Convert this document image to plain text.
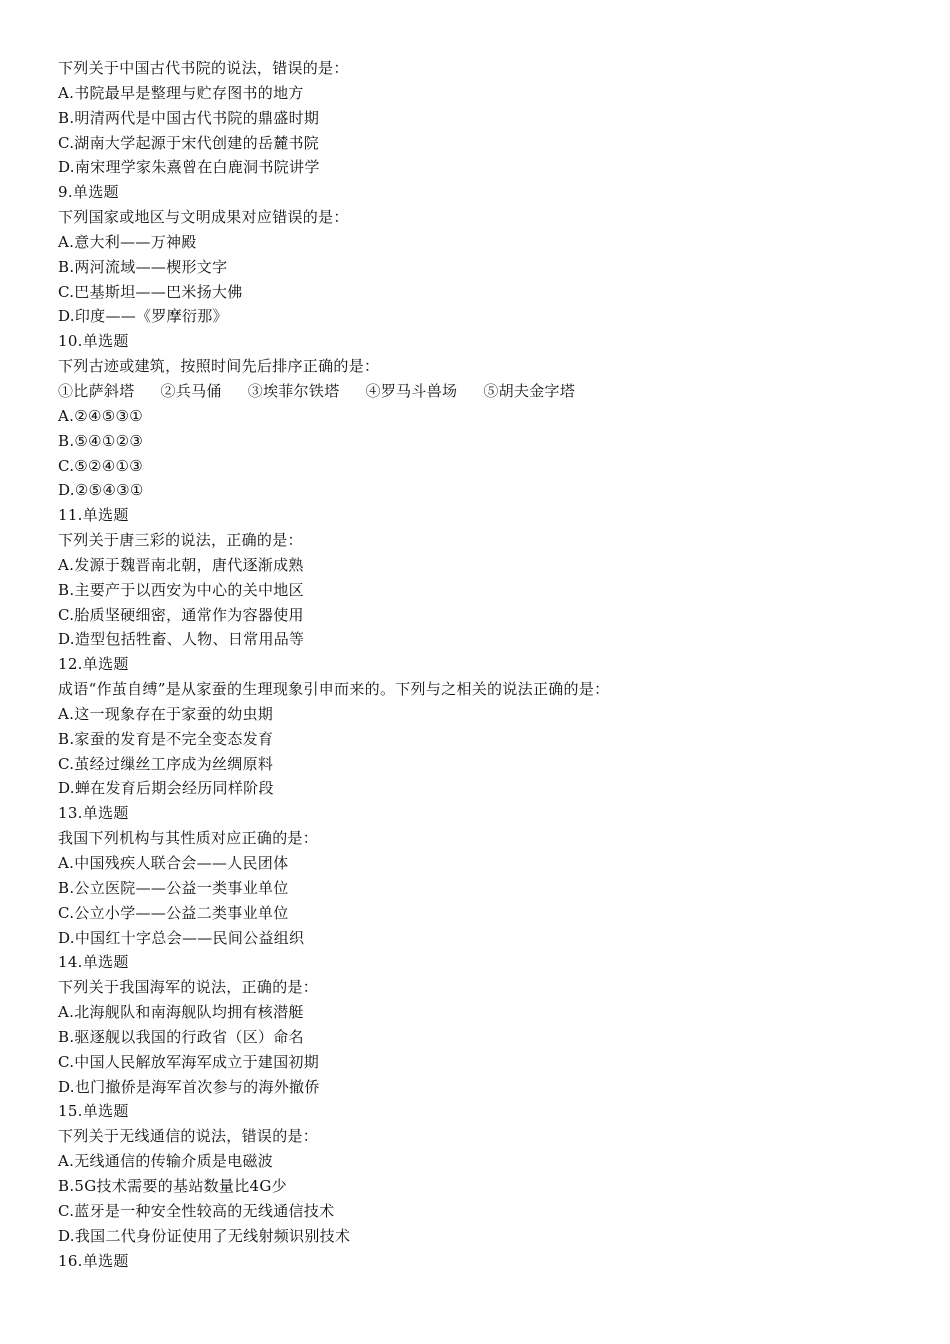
下列关于中国古代书院的说法，错误的是：
A.书院最早是整理与贮存图书的地方
B.明清两代是中国古代书院的鼎盛时期
C.湖南大学起源于宋代创建的岳麓书院
D.南宋理学家朱熹曾在白鹿洞书院讲学
9.单选题
下列国家或地区与文明成果对应错误的是：
A.意大利——万神殿
B.两河流域——楔形文字
C.巴基斯坦——巴米扬大佛
D.印度——《罗摩衍那》
10.单选题
下列古迹或建筑，按照时间先后排序正确的是：
①比萨斜塔 ②兵马俑 ③埃菲尔铁塔 ④罗马斗兽场 ⑤胡夫金字塔
A.②④⑤③①
B.⑤④①②③
C.⑤②④①③
D.②⑤④③①
11.单选题
下列关于唐三彩的说法，正确的是：
A.发源于魏晋南北朝，唐代逐渐成熟
B.主要产于以西安为中心的关中地区
C.胎质坚硬细密，通常作为容器使用
D.造型包括牲畜、人物、日常用品等
12.单选题
成语“作茧自缚”是从家蚕的生理现象引申而来的。下列与之相关的说法正确的是：
A.这一现象存在于家蚕的幼虫期
B.家蚕的发育是不完全变态发育
C.茧经过缫丝工序成为丝绸原料
D.蝉在发育后期会经历同样阶段
13.单选题
我国下列机构与其性质对应正确的是：
A.中国残疾人联合会——人民团体
B.公立医院——公益一类事业单位
C.公立小学——公益二类事业单位
D.中国红十字总会——民间公益组织
14.单选题
下列关于我国海军的说法，正确的是：
A.北海舰队和南海舰队均拥有核潜艇
B.驱逐舰以我国的行政省（区）命名
C.中国人民解放军海军成立于建国初期
D.也门撤侨是海军首次参与的海外撤侨
15.单选题
下列关于无线通信的说法，错误的是：
A.无线通信的传输介质是电磁波
B.5G技术需要的基站数量比4G少
C.蓝牙是一种安全性较高的无线通信技术
D.我国二代身份证使用了无线射频识别技术
16.单选题
